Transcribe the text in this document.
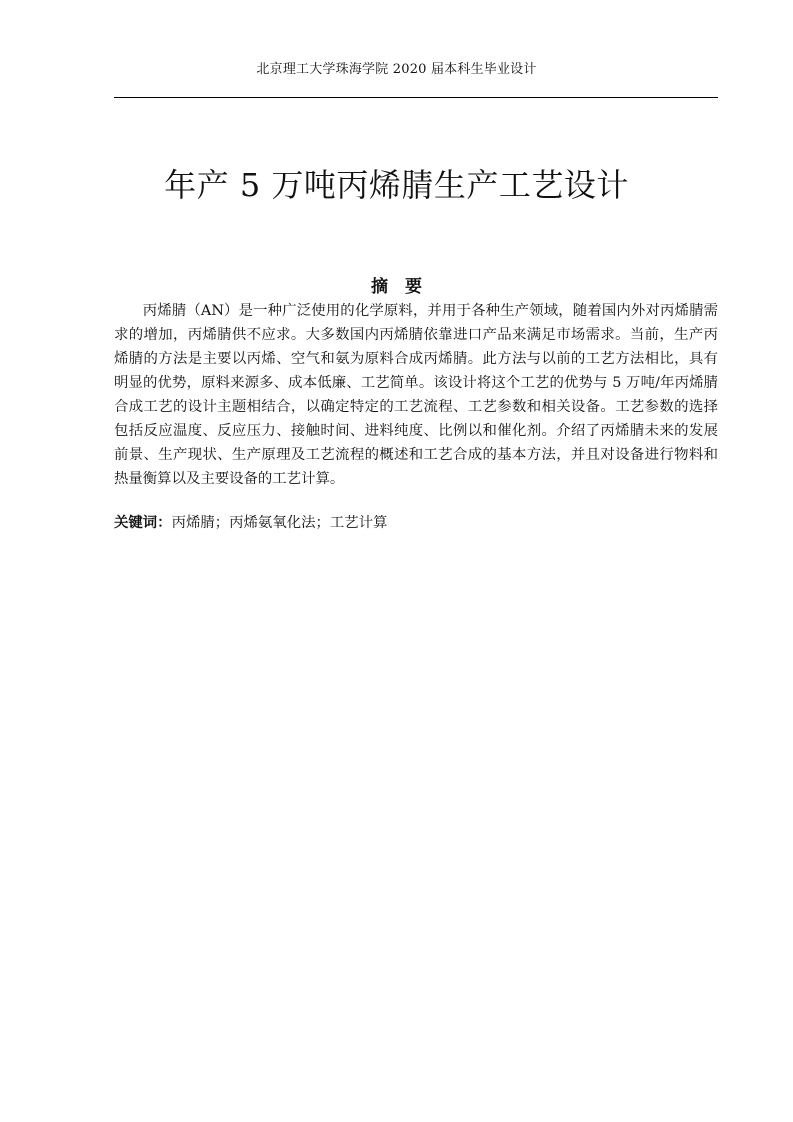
北京理工大学珠海学院 2020 届本科生毕业设计
年产 5 万吨丙烯腈生产工艺设计
摘　要

丙烯腈（AN）是一种广泛使用的化学原料，并用于各种生产领域，随着国内外对丙烯腈需求的增加，丙烯腈供不应求。大多数国内丙烯腈依靠进口产品来满足市场需求。当前，生产丙烯腈的方法是主要以丙烯、空气和氨为原料合成丙烯腈。此方法与以前的工艺方法相比，具有明显的优势，原料来源多、成本低廉、工艺简单。该设计将这个工艺的优势与 5 万吨/年丙烯腈合成工艺的设计主题相结合，以确定特定的工艺流程、工艺参数和相关设备。工艺参数的选择包括反应温度、反应压力、接触时间、进料纯度、比例以和催化剂。介绍了丙烯腈未来的发展前景、生产现状、生产原理及工艺流程的概述和工艺合成的基本方法，并且对设备进行物料和热量衡算以及主要设备的工艺计算。

关键词：丙烯腈；丙烯氨氧化法；工艺计算
